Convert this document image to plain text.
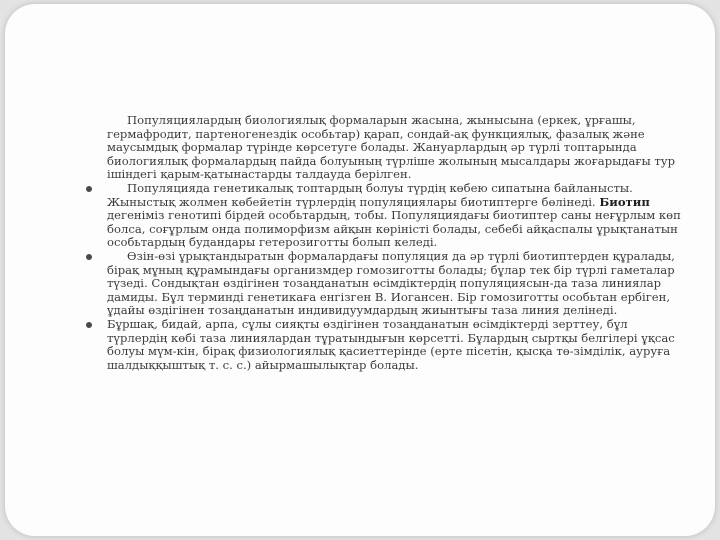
Популяциялардың биологиялық формаларын жасына, жынысына (еркек, ұрғашы, гермафродит, партеногенездік особьтар) қарап, сондай-ақ функциялық, фазалық және маусымдық формалар түрінде көрсетуге болады. Жануарлардың әр түрлі топтарында биологиялық формалардың пайда болуының түрліше жолының мысалдары жоғарыдағы тур ішіндегі қарым-қатынастарды талдауда берілген.

Популяцияда генетикалық топтардың болуы түрдің көбею сипатына байланысты. Жыныстық жолмен көбейетін түрлердің популяциялары биотиптерге бөлінеді. Биотип дегеніміз генотипі бірдей особьтардың, тобы. Популяциядағы биотиптер саны неғұрлым көп болса, соғұрлым онда полиморфизм айқын көріністі болады, себебі айқаспалы ұрықтанатын особьтардың будандары гетерозиготты болып келеді.

Өзін-өзі ұрықтандыратын формалардағы популяция да әр түрлі биотиптерден құралады, бірақ мұның құрамындағы организмдер гомозиготты болады; бұлар тек бір түрлі гаметалар түзеді. Сондықтан өздігінен тозаңданатын өсімдіктердің популяциясын-да таза линиялар дамиды. Бұл терминді генетикаға енгізген В. Иогансен. Бір гомозиготты особьтан ербіген, ұдайы өздігінен тозаңданатын индивидуумдардың жиынтығы таза линия делінеді.

Бұршақ, бидай, арпа, сұлы сияқты өздігінен тозаңданатын өсімдіктерді зерттеу, бұл түрлердің көбі таза линиялардан тұратындығын көрсетті. Бұлардың сыртқы белгілері ұқсас болуы мүм-кін, бірақ физиологиялық қасиеттерінде (ерте пісетін, қысқа тө-зімділік, ауруға шалдыққыштық т. с. с.) айырмашылықтар болады.
